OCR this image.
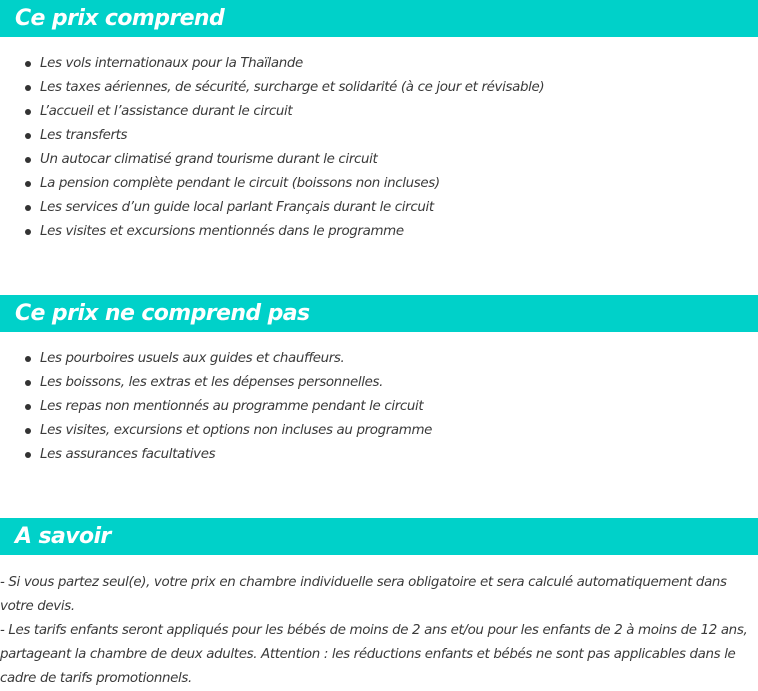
Ce prix comprend
Les vols internationaux pour la Thaïlande
Les taxes aériennes, de sécurité, surcharge et solidarité (à ce jour et révisable)
L’accueil et l’assistance durant le circuit
Les transferts
Un autocar climatisé grand tourisme durant le circuit
La pension complète pendant le circuit (boissons non incluses)
Les services d’un guide local parlant Français durant le circuit
Les visites et excursions mentionnés dans le programme
Ce prix ne comprend pas
Les pourboires usuels aux guides et chauffeurs.
Les boissons, les extras et les dépenses personnelles.
Les repas non mentionnés au programme pendant le circuit
Les visites, excursions et options non incluses au programme
Les assurances facultatives
A savoir

- Si vous partez seul(e), votre prix en chambre individuelle sera obligatoire et sera calculé automatiquement dans votre devis.

- Les tarifs enfants seront appliqués pour les bébés de moins de 2 ans et/ou pour les enfants de 2 à moins de 12 ans, partageant la chambre de deux adultes. Attention : les réductions enfants et bébés ne sont pas applicables dans le cadre de tarifs promotionnels.
